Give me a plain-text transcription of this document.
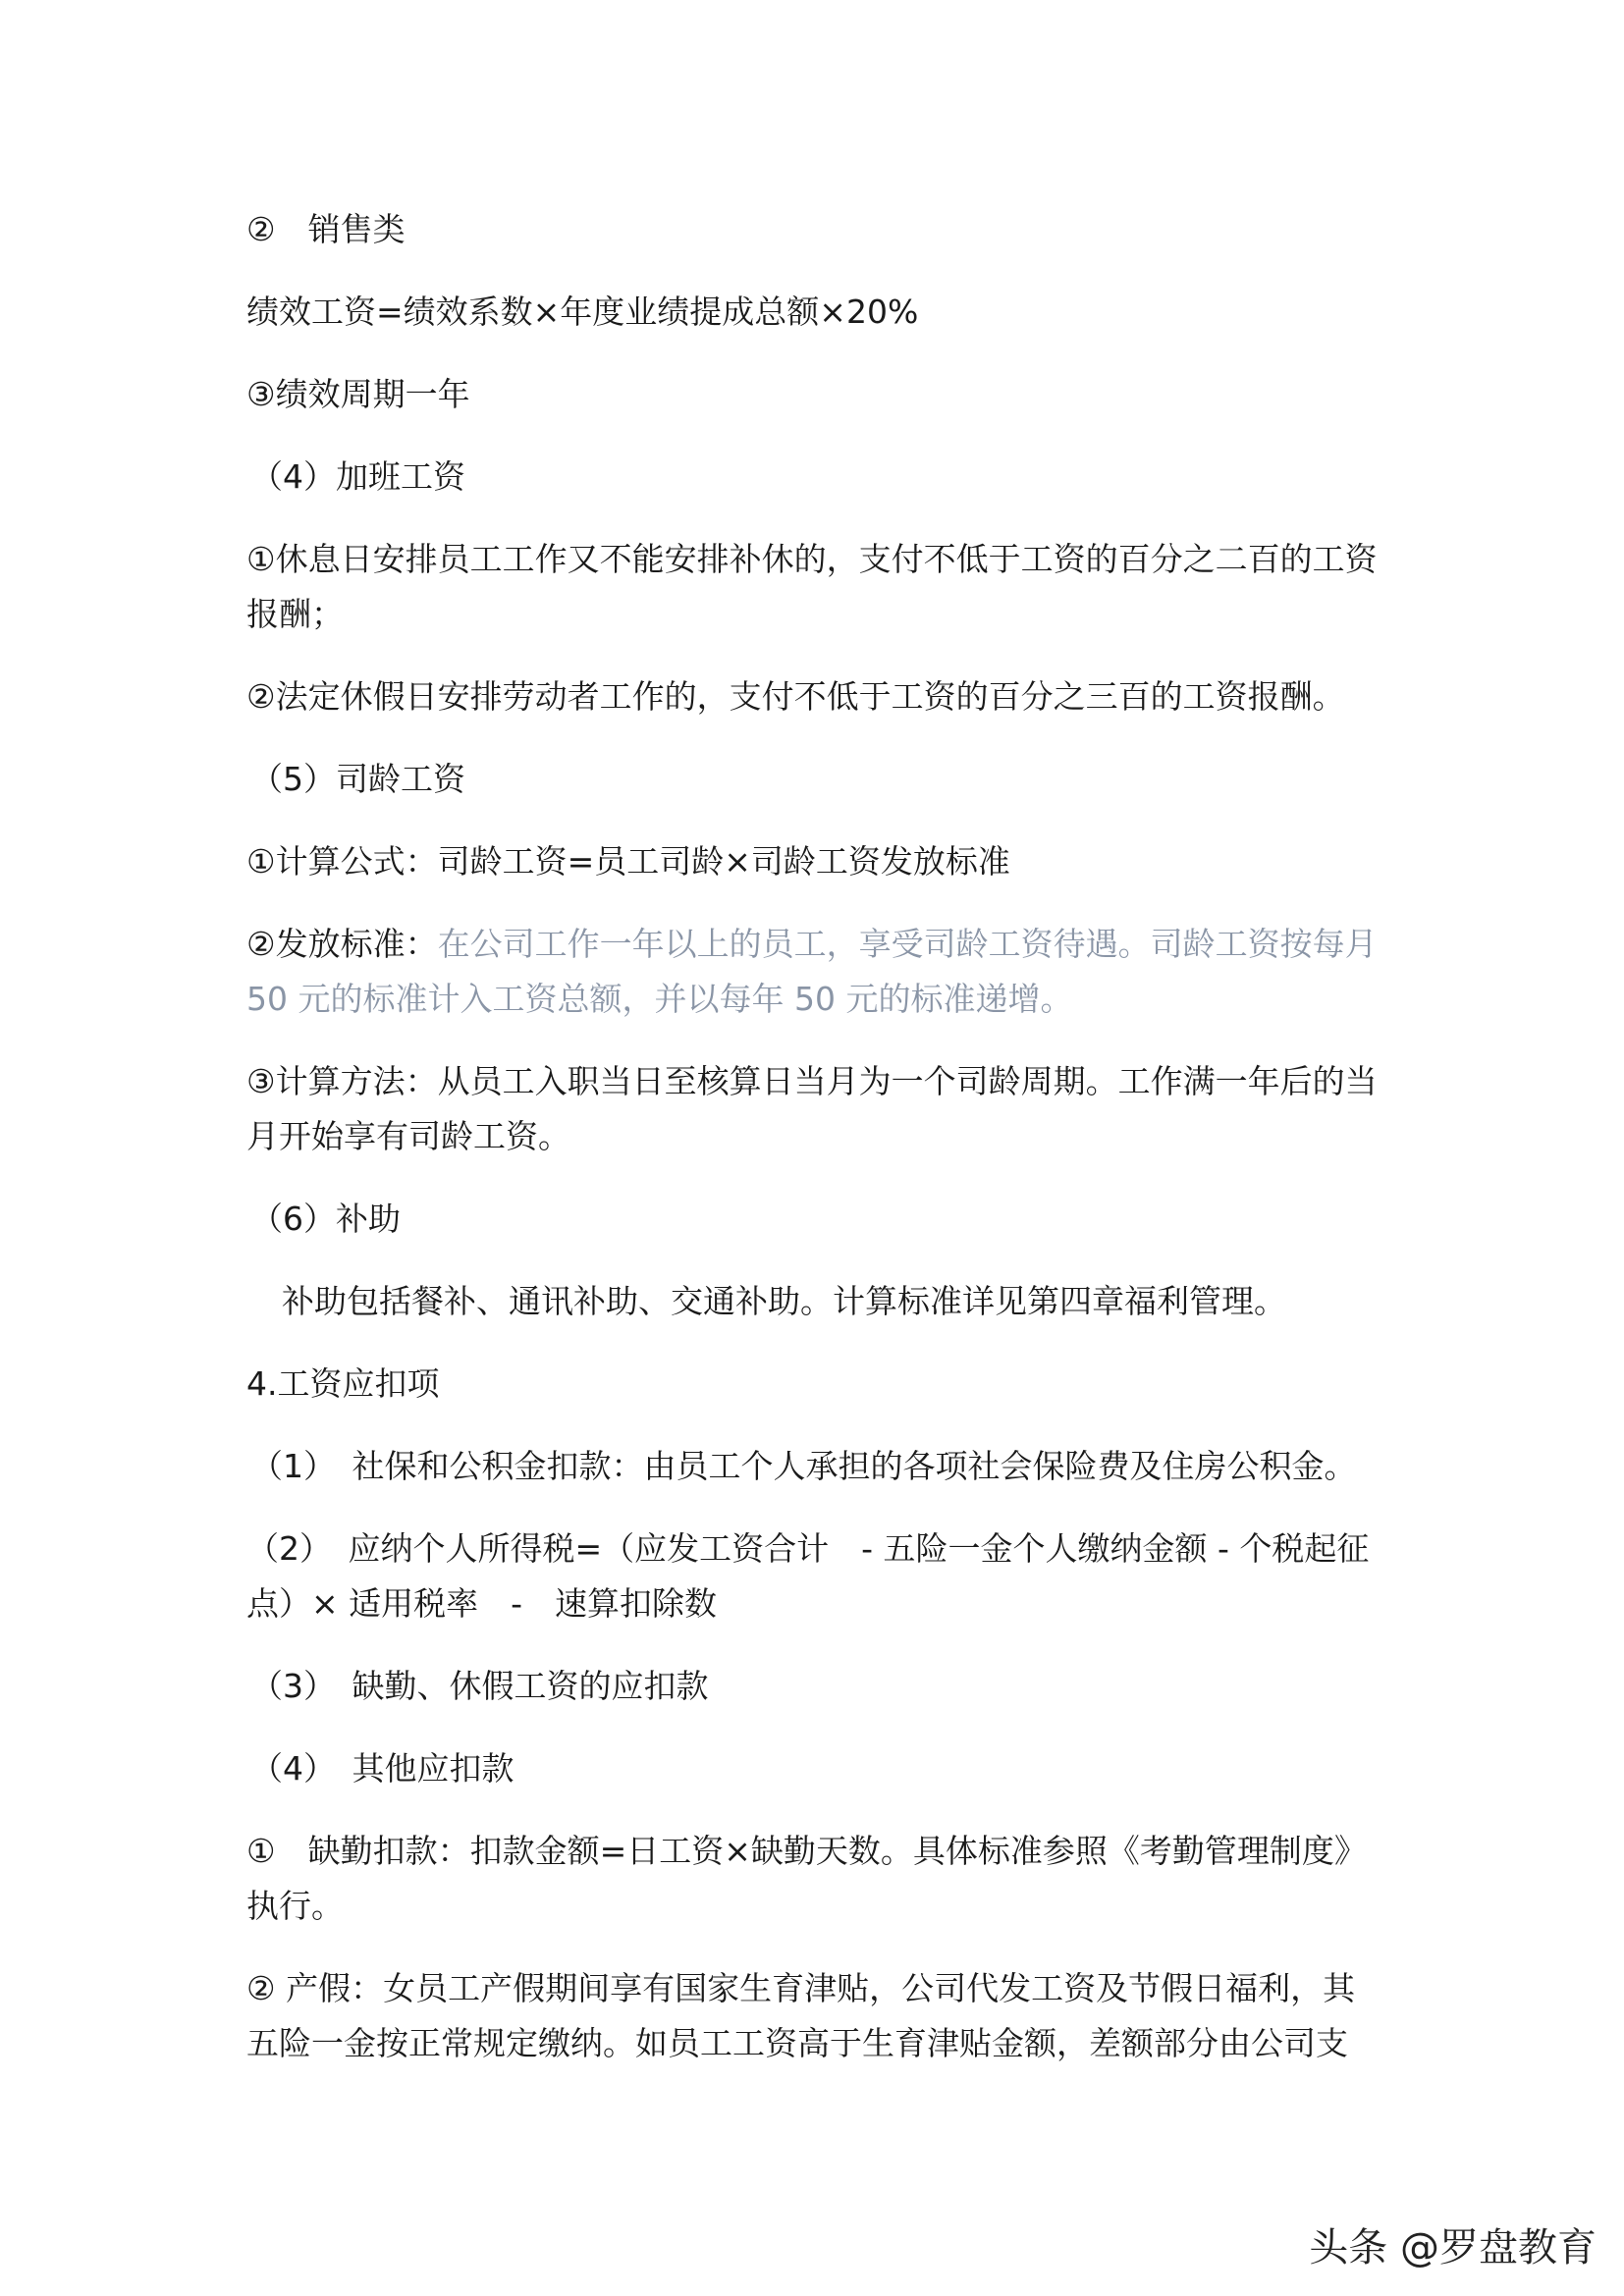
②　销售类

绩效工资=绩效系数×年度业绩提成总额×20%

③绩效周期一年

（4）加班工资

①休息日安排员工工作又不能安排补休的，支付不低于工资的百分之二百的工资报酬；

②法定休假日安排劳动者工作的，支付不低于工资的百分之三百的工资报酬。

（5）司龄工资

①计算公式：司龄工资=员工司龄×司龄工资发放标准

②发放标准：在公司工作一年以上的员工，享受司龄工资待遇。司龄工资按每月 50 元的标准计入工资总额，并以每年 50 元的标准递增。

③计算方法：从员工入职当日至核算日当月为一个司龄周期。工作满一年后的当月开始享有司龄工资。

（6）补助

补助包括餐补、通讯补助、交通补助。计算标准详见第四章福利管理。

4.工资应扣项

（1）　社保和公积金扣款：由员工个人承担的各项社会保险费及住房公积金。

（2）　应纳个人所得税=（应发工资合计　- 五险一金个人缴纳金额 - 个税起征点）× 适用税率　-　速算扣除数

（3）　缺勤、休假工资的应扣款

（4）　其他应扣款

①　缺勤扣款：扣款金额=日工资×缺勤天数。具体标准参照《考勤管理制度》执行。

② 产假：女员工产假期间享有国家生育津贴，公司代发工资及节假日福利，其五险一金按正常规定缴纳。如员工工资高于生育津贴金额，差额部分由公司支

头条 @罗盘教育
